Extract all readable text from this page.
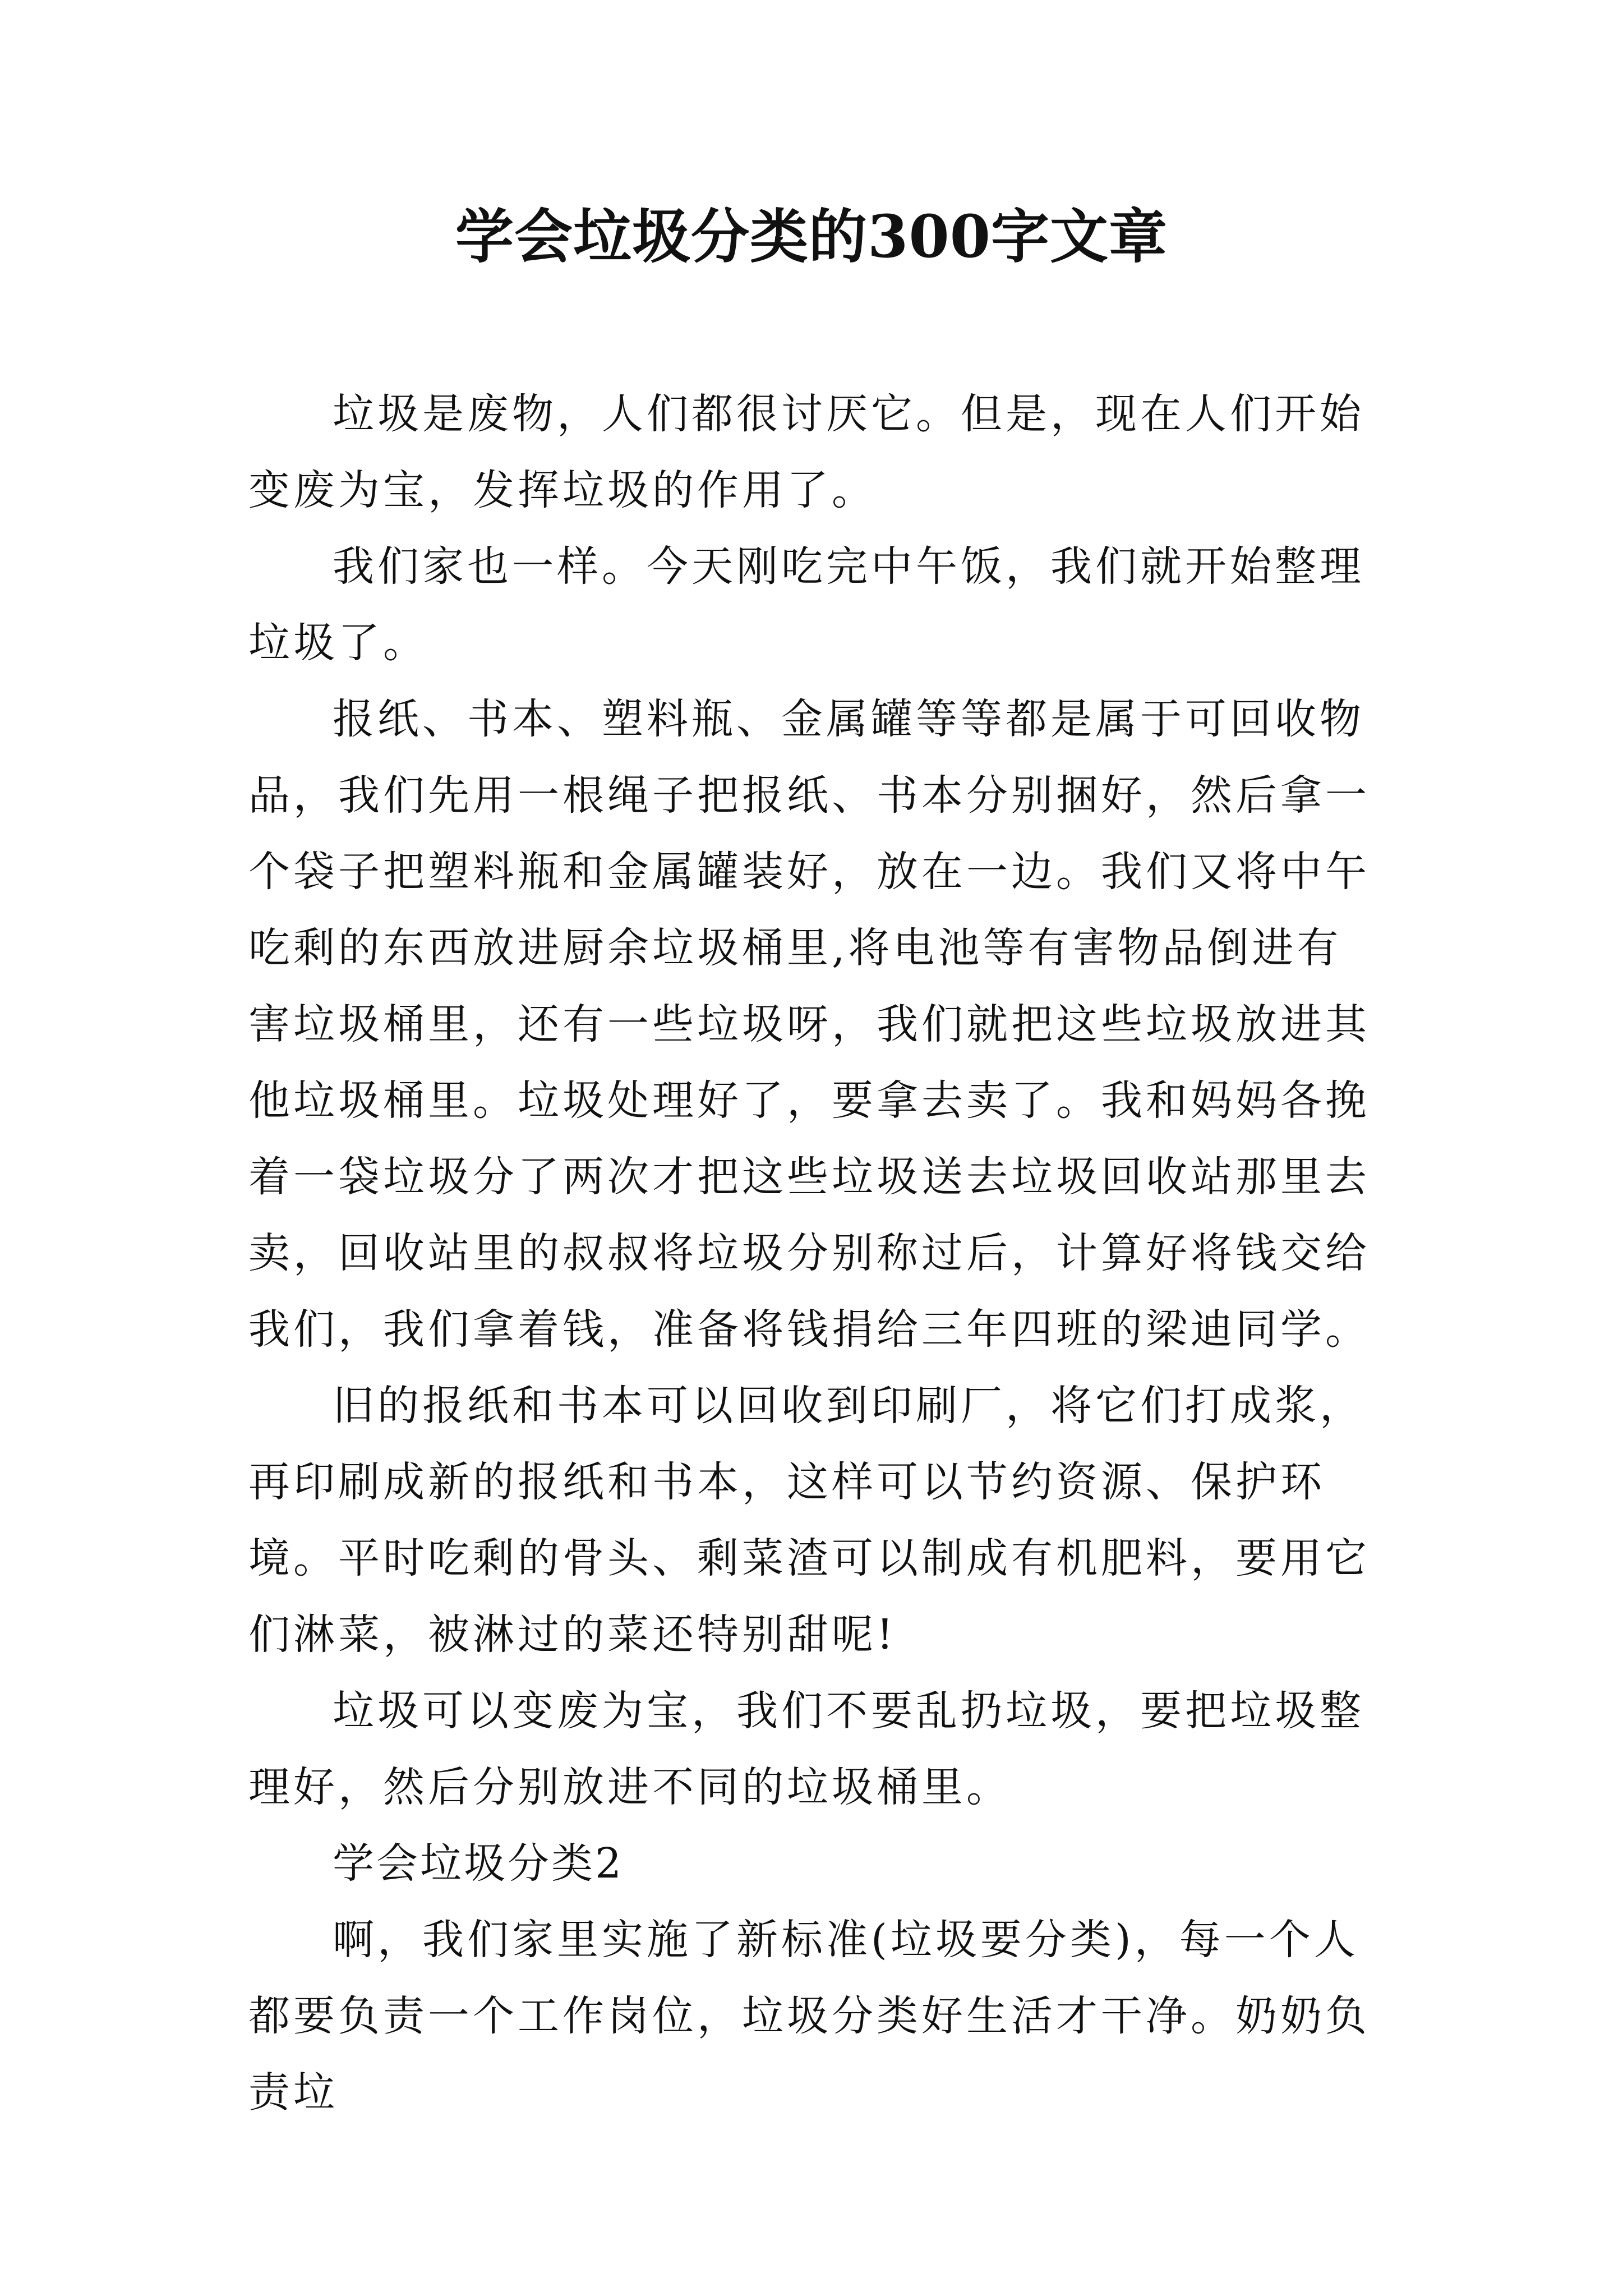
学会垃圾分类的300字文章

垃圾是废物，人们都很讨厌它。但是，现在人们开始变废为宝，发挥垃圾的作用了。

我们家也一样。今天刚吃完中午饭，我们就开始整理垃圾了。

报纸、书本、塑料瓶、金属罐等等都是属于可回收物品，我们先用一根绳子把报纸、书本分别捆好，然后拿一个袋子把塑料瓶和金属罐装好，放在一边。我们又将中午吃剩的东西放进厨余垃圾桶里,将电池等有害物品倒进有害垃圾桶里，还有一些垃圾呀，我们就把这些垃圾放进其他垃圾桶里。垃圾处理好了，要拿去卖了。我和妈妈各挽着一袋垃圾分了两次才把这些垃圾送去垃圾回收站那里去卖，回收站里的叔叔将垃圾分别称过后，计算好将钱交给我们，我们拿着钱，准备将钱捐给三年四班的梁迪同学。

旧的报纸和书本可以回收到印刷厂，将它们打成浆，再印刷成新的报纸和书本，这样可以节约资源、保护环境。平时吃剩的骨头、剩菜渣可以制成有机肥料，要用它们淋菜，被淋过的菜还特别甜呢!

垃圾可以变废为宝，我们不要乱扔垃圾，要把垃圾整理好，然后分别放进不同的垃圾桶里。

学会垃圾分类2

啊，我们家里实施了新标准(垃圾要分类)，每一个人都要负责一个工作岗位，垃圾分类好生活才干净。奶奶负责垃
